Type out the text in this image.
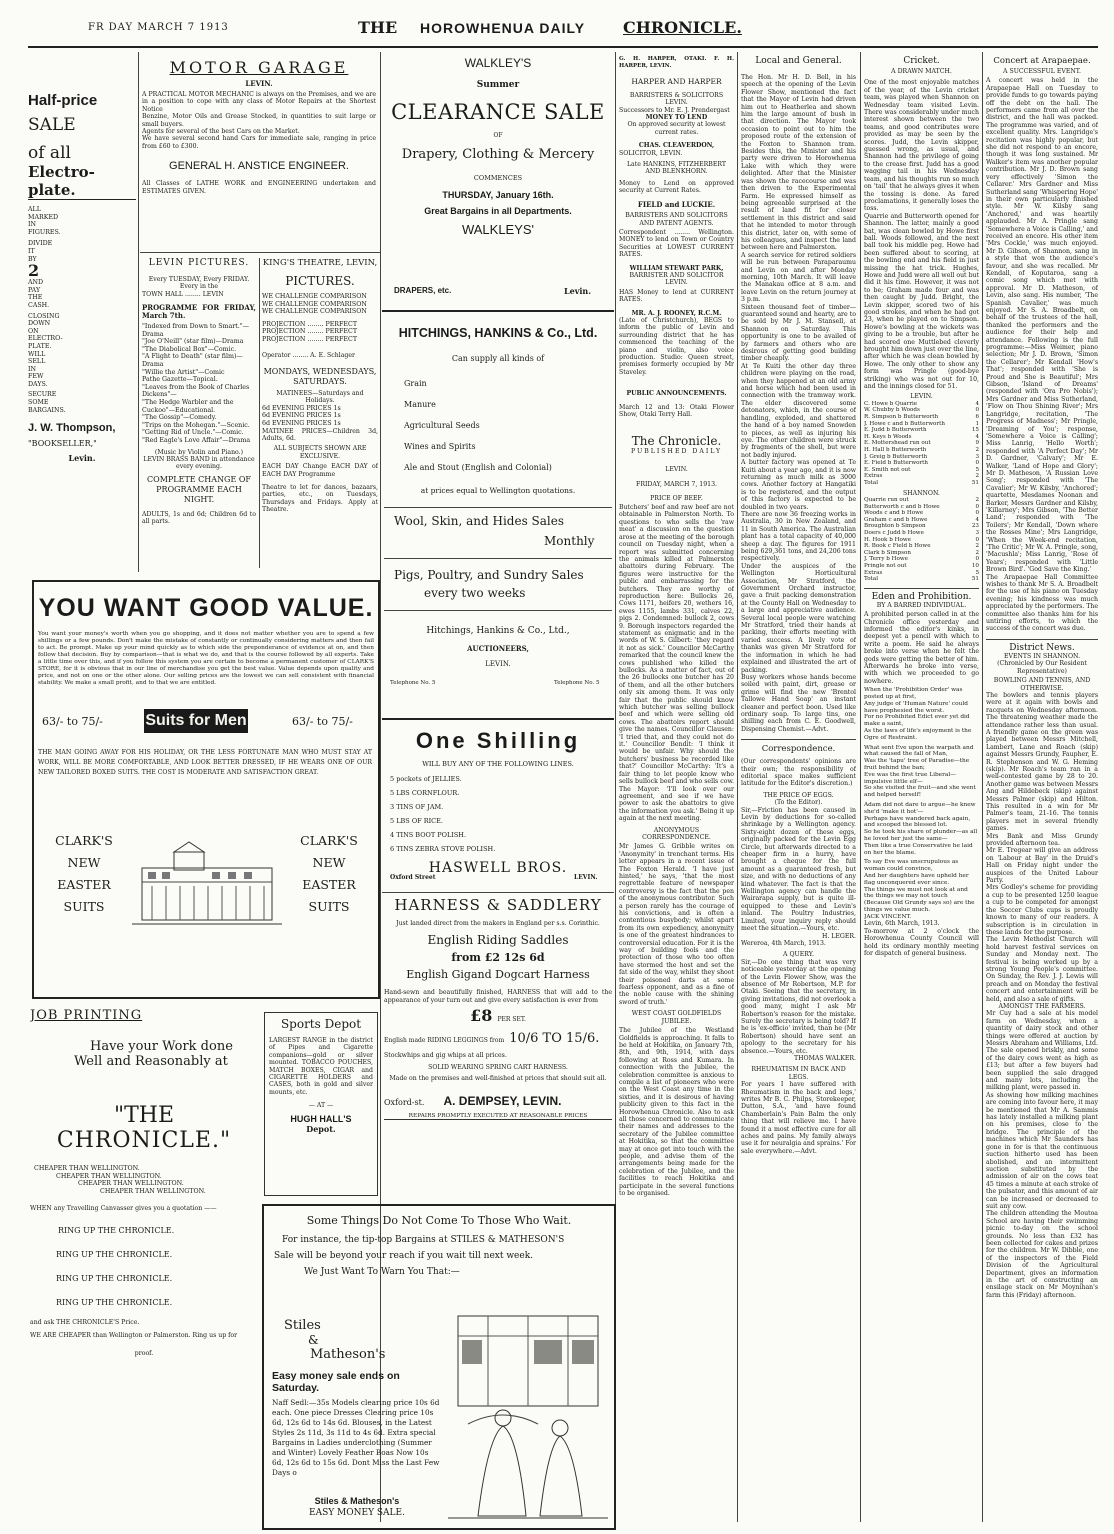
FR DAY MARCH 7 1913	THE HOROWHENUA DAILY CHRONICLE.
Half-price
SALE
of all
Electro-plate.
ALL
MARKED
IN
FIGURES.
DIVIDE
IT
BY
2
AND
PAY
THE
CASH.
CLOSING
DOWN
ON
ELECTRO-
PLATE.
WILL
SELL
IN
FEW
DAYS.
SECURE
SOME
BARGAINS.
J. W. Thompson,
"BOOKSELLER,"
Levin.
MOTOR GARAGE
LEVIN.
A PRACTICAL MOTOR MECHANIC is always on the Premises, and we are in a position to cope with any class of Motor Repairs at the Shortest Notice
Benzine, Motor Oils and Grease Stocked, in quantities to suit large or small buyers.
Agents for several of the best Cars on the Market.
We have several second hand Cars for immediate sale, ranging in price from £60 to £300.
GENERAL H. ANSTICE ENGINEER.
All Classes of LATHE WORK and ENGINEERING undertaken and ESTIMATES GIVEN.
LEVIN PICTURES.
Every TUESDAY, Every FRIDAY. Every in the
TOWN HALL ........ LEVIN
PROGRAMME FOR FRIDAY, March 7th.
"Indexed from Down to Smart."— Drama
"Joe O'Neill" (star film)—Drama
"The Diabolical Box"—Comic.
"A Flight to Death" (star film)— Drama
"Willie the Artist"—Comic
Pathe Gazette—Topical.
"Leaves from the Book of Charles Dickens"—
"The Hedge Warbler and the Cuckoo"—Educational.
"The Gossip"—Comedy.
"Trips on the Mohegan."—Scenic.
"Getting Rid of Uncle."—Comic.
"Red Eagle's Love Affair"—Drama
(Music by Violin and Piano.)
LEVIN BRASS BAND in attendance every evening.
COMPLETE CHANGE OF PROGRAMME EACH NIGHT.
ADULTS, 1s and 6d; Children 6d to all parts.
KING'S THEATRE, LEVIN,
PICTURES.
WE CHALLENGE COMPARISON
WE CHALLENGE COMPARISON
WE CHALLENGE COMPARISON
PROJECTION ........ PERFECT
PROJECTION ........ PERFECT
PROJECTION ........ PERFECT
Operator ........ A. E. Schlager
MONDAYS, WEDNESDAYS, SATURDAYS.
MATINEES—Saturdays and Holidays.
6d EVENING PRICES 1s
6d EVENING PRICES 1s
6d EVENING PRICES 1s
MATINEE PRICES—Children 3d, Adults, 6d.
ALL SUBJECTS SHOWN ARE EXCLUSIVE.
EACH DAY Change EACH DAY of EACH DAY Programme
Theatre to let for dances, bazaars, parties, etc., on Tuesdays, Thursdays and Fridays. Apply at Theatre.
YOU WANT GOOD VALUE.
You want your money's worth when you go shopping, and it does not matter whether you are to spend a few shillings or a few pounds. Don't make the mistake of constantly or continually considering matters and then fail to act. Be prompt. Make up your mind quickly as to which side the preponderance of evidence at on, and then follow that decision. Buy by comparison—that is what we do, and that is the course followed by all experts. Take a little time over this, and if you follow this system you are certain to become a permanent customer of CLARK'S STORE, for it is obvious that in our line of merchandise you get the best value. Value depends upon quality and price, and not on one or the other alone. Our selling prices are the lowest we can sell consistent with financial stability. We make a small profit, and to that we are entitled.
63/- to 75/-	Suits for Men	63/- to 75/-
THE MAN GOING AWAY FOR HIS HOLIDAY, OR THE LESS FORTUNATE MAN WHO MUST STAY AT WORK, WILL BE MORE COMFORTABLE, AND LOOK BETTER DRESSED, IF HE WEARS ONE OF OUR NEW TAILORED BOXED SUITS. THE COST IS MODERATE AND SATISFACTION GREAT.
CLARK'S
NEW
EASTER
SUITS
CLARK'S
NEW
EASTER
SUITS
JOB PRINTING
Have your Work done
Well and Reasonably at
"THE
CHRONICLE."
CHEAPER THAN WELLINGTON.
CHEAPER THAN WELLINGTON.
CHEAPER THAN WELLINGTON.
CHEAPER THAN WELLINGTON.
WHEN any Travelling Canvasser gives you a quotation ——
RING UP THE CHRONICLE.
RING UP THE CHRONICLE.
RING UP THE CHRONICLE.
RING UP THE CHRONICLE.
and ask THE CHRONICLE'S Price.
WE ARE CHEAPER than Wellington or Palmerston. Ring us up for
proof.
Sports Depot
LARGEST RANGE in the district of Pipes and Cigarette companions—gold or silver mounted. TOBACCO POUCHES, MATCH BOXES, CIGAR and CIGARETTE HOLDERS and CASES, both in gold and silver mounts, etc.
— AT —
HUGH HALL'S
Depot.
Some Things Do Not Come To Those Who Wait.
For instance, the tip-top Bargains at STILES & MATHESON'S
Sale will be beyond your reach if you wait till next week.
We Just Want To Warn You That:—
Stiles
&
Matheson's
Easy money sale ends on Saturday.
Naff Sedl:—35s Models clearing price 10s 6d each. One piece Dresses Clearing price 10s 6d, 12s 6d to 14s 6d. Blouses, in the Latest Styles 2s 11d, 3s 11d to 4s 6d. Extra special Bargains in Ladies underclothing (Summer and Winter) Lovely Feather Boas Now 10s 6d, 12s 6d to 15s 6d. Dont Miss the Last Few Days o
Stiles & Matheson's
EASY MONEY SALE.
WALKLEY'S
Summer
CLEARANCE SALE
OF
Drapery, Clothing & Mercery
COMMENCES
THURSDAY, January 16th.
Great Bargains in all Departments.
WALKLEYS'
DRAPERS, etc.	Levin.
HITCHINGS, HANKINS & Co., Ltd.
Can supply all kinds of
Grain
Manure
Agricultural Seeds
Wines and Spirits
Ale and Stout (English and Colonial)
at prices equal to Wellington quotations.
Wool, Skin, and Hides Sales
Monthly
Pigs, Poultry, and Sundry Sales
every two weeks
Hitchings, Hankins & Co., Ltd.,
AUCTIONEERS,
LEVIN.
Telephone No. 5	Telephone No. 5
One Shilling
WILL BUY ANY OF THE FOLLOWING LINES.
5 pockets of JELLIES.
5 LBS CORNFLOUR.
3 TINS OF JAM.
5 LBS OF RICE.
4 TINS BOOT POLISH.
6 TINS ZEBRA STOVE POLISH.
HASWELL BROS.
Oxford Street	LEVIN.
HARNESS & SADDLERY
Just landed direct from the makers in England per s.s. Corinthic.
English Riding Saddles
from £2 12s 6d
English Gigand Dogcart Harness
Hand-sewn and beautifully finished, HARNESS that will add to the appearance of your turn out and give every satisfaction is ever from
£8 PER SET.
English made RIDING LEGGINGS from 10/6 TO 15/6.
Stockwhips and gig whips at all prices.
SOLID WEARING SPRING CART HARNESS.
Made on the premises and well-finished at prices that should suit all.
Oxford-st. A. DEMPSEY, LEVIN.
REPAIRS PROMPTLY EXECUTED AT REASONABLE PRICES
G. H. HARPER, OTAKI. F. H. HARPER, LEVIN.
HARPER AND HARPER
BARRISTERS & SOLICITORS
LEVIN.
Successors to Mr. E. J. Prendergast
MONEY TO LEND
On approved security at lowest current rates.
CHAS. CLEAVERDON,
SOLICITOR, LEVIN.
Late HANKINS, FITZHERBERT AND BLENKHORN.
Money to Lend on approved security at Current Rates.
FIELD and LUCKIE.
BARRISTERS AND SOLICITORS AND PATENT AGENTS.
Correspondent ........ Wellington. MONEY to lend on Town or Country Securities at LOWEST CURRENT RATES.
WILLIAM STEWART PARK,
BARRISTER AND SOLICITOR LEVIN.
HAS Money to lend at CURRENT RATES.
MR. A. J. ROONEY, R.C.M.
(Late of Christchurch), BEGS to inform the public of Levin and surrounding district that he has commenced the teaching of the piano and violin, also voice production. Studio: Queen street, premises formerly occupied by Mr Staveley.
PUBLIC ANNOUNCEMENTS.
March 12 and 13: Otaki Flower Show, Otaki Terry Hall.
The Chronicle.
PUBLISHED DAILY
LEVIN.
FRIDAY, MARCH 7, 1913.
PRICE OF BEEF.
Butchers' beef and raw beef are not obtainable in Palmerston North. To questions to who sells the 'raw meat' a discussion on the question arose at the meeting of the borough council on Tuesday night, when a report was submitted concerning the animals killed at Palmerston abattoirs during February. The figures were instructive for the public and embarrassing for the butchers. They are worthy of reproduction here: Bullocks 26, Cows 1171, heifers 20, wethers 16, ewes 1155, lambs 331, calves 22, pigs 2. Condemned: bullock 2, cows 9. Borough inspectors regarded the statement as enigmatic and in the words of W. S. Gilbert: 'they regard it not as sick.' Councillor McCarthy remarked that the council knew the cows published who killed the bullocks. As a matter of fact, out of the 26 bullocks one butcher has 20 of them, and all the other butchers only six among them. It was only fair that the public should know which butcher was selling bullock beef and which were selling old cows. The abattoirs report should give the names. Councillor Clausen: 'I tried that, and they could not do it.' Councillor Bendit: 'I think it would be unfair. Why should the butchers' business be recorded like that?' Councillor McCarthy: 'It's a fair thing to let people know who sells bullock beef and who sells cow. The Mayor: 'I'll look over our agreement, and see if we have power to ask the abattoirs to give the information you ask.' Being it up again at the next meeting.
ANONYMOUS CORRESPONDENCE.
Mr James G. Gribble writes on 'Anonymity' in trenchant terms. His letter appears in a recent issue of The Foxton Herald. 'I have just hinted,' he says, 'that the most regrettable feature of newspaper controversy is the fact that the pen of the anonymous contributor. Such a person rarely has the courage of his convictions, and is often a contentious busybody; whilst apart from its own expediency, anonymity is one of the greatest hindrances to controversial education. For it is the way of building fools and the protection of those who too often have stormed the host and set the fat side of the way, whilst they shoot their poisoned darts at some fearless opponent, and as a fine of the noble cause with the shining sword of truth.'
WEST COAST GOLDFIELDS JUBILEE.
The Jubilee of the Westland Goldfields is approaching. It falls to be held at Hokitika, on January 7th, 8th, and 9th, 1914, with days following at Ross and Kumara. In connection with the Jubilee, the celebration committee is anxious to compile a list of pioneers who were on the West Coast any time in the sixties, and it is desirous of having publicity given to this fact in the Horowhenua Chronicle. Also to ask all those concerned to communicate their names and addresses to the secretary of the Jubilee committee at Hokitika, so that the committee may at once get into touch with the people, and advise them of the arrangements being made for the celebration of the Jubilee, and the facilities to reach Hokitika and participate in the several functions to be organised.
Local and General.
The Hon. Mr H. D. Bell, in his speech at the opening of the Levin Flower Show, mentioned the fact that the Mayor of Levin had driven him out to Heatherlea and shown him the large amount of bush in that direction. The Mayor took occasion to point out to him the proposed route of the extension of the Foxton to Shannon tram. Besides this, the Minister and his party were driven to Horowhenua Lake with which they were delighted. After that the Minister was shown the racecourse and was then driven to the Experimental Farm. He expressed himself as being agreeable surprised at the result of land fit for closer settlement in this district and said that he intended to motor through this district, later on, with some of his colleagues, and inspect the land between here and Palmerston.
A search service for retired soldiers will be run between Paraparaumu and Levin on and after Monday morning, 10th March. It will leave the Manakau office at 8 a.m. and leave Levin on the return journey at 3 p.m.
Sixteen thousand feet of timber—guaranteed sound and hearty, are to be sold by Mr J. M. Stansell, at Shannon on Saturday. This opportunity is one to be availed of by farmers and others who are desirous of getting good building timber cheaply.
At Te Kuiti the other day three children were playing on the road, when they happened at an old army and horse which had been used in connection with the tramway work. The elder discovered some detonators, which, in the course of handling, exploded, and shattered the hand of a boy named Snowden to pieces, as well as injuring his eye. The other children were struck by fragments of the shell, but were not badly injured.
A butter factory was opened at Te Kuiti about a year ago, and it is now returning as much milk as 3000 cows. Another factory at Hangatiki is to be registered, and the output of this factory is expected to be doubled in two years.
There are now 36 freezing works in Australia, 30 in New Zealand, and 11 in South America. The Australian plant has a total capacity of 40,000 sheep a day. The figures for 1911 being 629,361 tons, and 24,206 tons respectively.
Under the auspices of the Wellington Horticultural Association, Mr Stratford, the Government Orchard instructor, gave a fruit packing demonstration at the County Hall on Wednesday to a large and appreciative audience. Several local people were watching Mr Stratford, tried their hands at packing, their efforts meeting with varied success. A lively vote of thanks was given Mr Stratford for the information in which he had explained and illustrated the art of packing.
Busy workers whose hands become soiled with paint, dirt, grease or grime will find the new 'Brentol Tallowe Hand Soap' an instant cleaner and perfect boon. Used like ordinary soap. To large tins, one shilling each from C. E. Goodwell, Dispensing Chemist.—Advt.
Correspondence.
(Our correspondents' opinions are their own; the responsibility of editorial space makes sufficient latitude for the Editor's discretion.)
THE PRICE OF EGGS.
(To the Editor).
Sir,—Friction has been caused in Levin by deductions for so-called shrinkage by a Wellington agency. Sixty-eight dozen of these eggs, originally packed for the Levin Egg Circle, but afterwards directed to a cheaper firm in a hurry, have brought a cheque for the full amount as a guaranteed fresh, but size, and with no deductions of any kind whatever. The fact is that the Wellington agency can handle the Wairarapa supply, but is quite ill-equipped to these and Levin's inland. The Poultry Industries, Limited, your inquiry reply should meet the situation.—Yours, etc.
H. LEGER.
Wereroa, 4th March, 1913.
A QUERY.
Sir,—Do one thing that was very noticeable yesterday at the opening of the Levin Flower Show, was the absence of Mr Robertson, M.P. for Otaki. Seeing that the secretary, in giving invitations, did not overlook a good many, might I ask Mr Robertson's reason for the mistake. Surely the secretary is being told? If he is 'ex-officio' invited, than he (Mr Robertson) should have sent an apology to the secretary for his absence.—Yours, etc.
THOMAS WALKER.
RHEUMATISM IN BACK AND LEGS.
For years I have suffered with Rheumatism in the back and legs,' writes Mr B. C. Philps, Storekeeper, Dutton, S.A., 'and have found Chamberlain's Pain Balm the only thing that will relieve me. I have found it a most effective cure for all aches and pains. My family always use it for neuralgia and sprains.' For sale everywhere.—Advt.
Cricket.
A DRAWN MATCH.
One of the most enjoyable matches of the year, of the Levin cricket team, was played when Shannon on Wednesday team visited Levin. There was considerably under much interest shown between the two teams, and good contributes were provided as may be seen by the scores. Judd, the Levin skipper, guessed wrong, as usual, and Shannon had the privilege of going to the crease first. Judd has a good wagging tail in his Wednesday team, and his thoughts run so much on 'tail' that he always gives it when the tossing is done. As fared proclamations, it generally loses the toss.
Quarrie and Butterworth opened for Shannon. The latter, mainly a good bat, was clean bowled by Howe first ball. Woods followed, and the next ball took his middle peg. Howe had been suffered about to scoring, at the bowling end and his field in just missing the hat trick. Hughes, Howe and Judd were all well out but did it his time. However, it was not to be; Graham made four and was then caught by Judd. Bright, the Levin skipper, scored two of his good strokes, and when he had got 23, when he played on to Simpson. Howe's bowling at the wickets was giving to be a trouble, but after he had scored one Muttlebed cleverly brought him down just over the line, after which he was clean bowled by Howe. The only other to show any form was Pringle (good-bye striking) who was not out for 10, and the innings closed for 51.
LEVIN.
C. Howe b Quarrie	4
W. Chubby b Woods	0
R. Simpson b Butterworth	6
J. Howe c and b Butterworth	1
E. Judd b Butterworth	15
H. Keys b Woods	4
E. Mottershead run out	9
H. Hall b Butterworth	2
J. Greig b Butterworth	3
E. Field b Butterworth	0
E. Smith not out	5
Extras	2
Total	51
SHANNON.
Quarrie run out	2
Butterworth c and b Howe	0
Woods c and b Howe	0
Graham c and b Howe	4
Broughton b Simpson	23
Doers c Judd b Howe	3
H. Hook b Howe	0
R. Book c Field b Howe	2
Clark b Simpson	2
J. Terry b Howe	0
Pringle not out	10
Extras	5
Total	51
Eden and Prohibition.
BY A BARRED INDIVIDUAL.
A prohibited person called in at the Chronicle office yesterday and informed the editor's kinks, in deepest yet a pencil with which to write a poem. He said he always broke into verse when he felt the gods were getting the better of him. Afterwards he broke into verse, with which we proceeded to go nowhere.
When the 'Prohibition Order' was posted up at first,
Any judge of 'Human Nature' could have prophesied the worst.
For no Prohibited Edict ever yet did make a saint,
As the laws of life's enjoyment is the Ogre of Restraint.
What sent Eve upon the warpath and what caused the fall of Man,
Was the 'tapu' tree of Paradise—the fruit behind the ban;
Eve was the first true Liberal—impulsive little elf—
So she visited the fruit—and she went and helped herself!
Adam did not dare to argue—he knew she'd 'make it hot'—
Perhaps have wandered back again, and scooped the blessed lot.
So he took his share of plunder—as all he loved her just the same—
Then like a true Conservative he laid on her the blame.
To say Eve was unscrupulous as woman could convince,
And her daughters have upheld her flag unconquered ever since.
The things we must not look at and the things we may not touch
(Because Old Grundy says so) are the things we value much.
JACK VINCENT.
Levin, 6th March, 1913.
To-morrow at 2 o'clock the Horowhenua County Council will hold its ordinary monthly meeting for dispatch of general business.
Concert at Arapaepae.
A SUCCESSFUL EVENT.
A concert was held in the Arapaepae Hall on Tuesday to provide funds to go towards paying off the debt on the hall. The performers came from all over the district, and the hall was packed. The programme was varied, and of excellent quality. Mrs. Langridge's recitation was highly popular, but she did not respond to an encore, though it was long sustained. Mr Walker's item was another popular contribution. Mr J. D. Brown sang very effectively 'Simon the Cellarer.' Mrs Gardner and Miss Sutherland sang 'Whispering Hope' in their own particularly finished style. Mr W. Kilsby sang 'Anchored,' and was heartily applauded. Mr A. Pringle sang 'Somewhere a Voice is Calling,' and received an encore. His other item 'Mrs Cockle,' was much enjoyed. Mr D. Gibson, of Shannon, sang in a style that won the audience's favour, and she was recalled. Mr Kendall, of Koputaroa, sang a comic song which met with approval. Mr D. Matheson, of Levin, also sang. His number, 'The Spanish Cavalier,' was much enjoyed. Mr S. A. Broadbelt, on behalf of the trustees of the hall, thanked the performers and the audience for their help and attendance. Following is the full programme:—Miss Weimer, piano selection; Mr J. D. Brown, 'Simon the Cellarer'; Mr Kendall 'How's That'; responded with 'She is Proud and She is Beautiful'; Mrs Gibson, 'Island of Dreams' (responded with 'Ora Pro Nobis'); Mrs Gardner and Miss Sutherland, 'Flow on Thou Shining River'; Mrs Langridge, recitation, 'The Progress of Madness'; Mr Pringle, 'Dreaming of You'; response, 'Somewhere a Voice is Calling'; Miss Lanrig, 'Hello Worth'; responded with 'A Perfect Day'; Mr D. Gardner, 'Calvary'; Mr E. Walker, 'Land of Hope and Glory'; Mr D. Matheson, 'A Russian Love Song'; responded with 'The Cavalier'; Mr W. Kilsby, 'Anchored'; quartette, Mesdames Noonan and Barker, Messrs Gardner and Kilsby, 'Killarney'; Mrs Gibson, 'The Better Land'; responded with 'The Toilers'; Mr Kendall, 'Down where the Rosses Mine'; Mrs Langridge, 'When the Week-end recitation, 'The Critic'; Mr W. A. Pringle, song, 'Macushla'; Miss Lanrig, 'Rose of Years'; responded with 'Little Brown Bird'. 'God Save the King.'
The Arapaepae Hall Committee wishes to thank Mr S. A. Broadbelt for the use of his piano on Tuesday evening; his kindness was much appreciated by the performers. The committee also thanks him for his untiring efforts, to which the success of the concert was due.
District News.
EVENTS IN SHANNON.
(Chronicled by Our Resident Representative)
BOWLING AND TENNIS, AND OTHERWISE.
The bowlers and tennis players were at it again with bowls and racquets on Wednesday afternoon. The threatening weather made the attendance rather less than usual. A friendly game on the green was played between Messrs Mitchell, Lambert, Lane and Roach (skip) against Messrs Grundy, Faupher, E. R. Stephenson and W. G. Heming (skip). Mr Roach's team ran in a well-contested game by 28 to 20. Another game was between Messrs Ang and Hildebeck (skip) against Messrs Palmer (skip) and Hilton. This resulted in a win for Mr Palmer's team, 21-16. The tennis players met in several friendly games.
Mrs Bank and Miss Grundy provided afternoon tea.
Mr E. Tregear will give an address on 'Labour at Bay' in the Druid's Hall on Friday night under the auspices of the United Labour Party.
Mrs Godley's scheme for providing a cup to be presented 1250 league a cup to be competed for amongst the Soccer Clubs cups is proudly known to many of our readers. A subscription is in circulation in these lands for the purpose.
The Levin Methodist Church will hold harvest festival services on Sunday and Monday next. The festival is being worked up by a strong Young People's committee. On Sunday, the Rev. J. J. Lewis will preach and on Monday the festival concert and entertainment will be held, and also a sale of gifts.
AMONGST THE FARMERS.
Mr Cuy had a sale at his model farm on Wednesday, when a quantity of dairy stock and other things were offered at auction by Messrs Abraham and Williams, Ltd. The sale opened briskly, and some of the dairy cows went as high as £13; but after a few buyers had been supplied the sale dragged and many lots, including the milking plant, were passed in.
As showing how milking machines are coming into favour here, it may be mentioned that Mr A. Sammis has lately installed a milking plant on his premises, close to the bridge. The principle of the machines which Mr Saunders has gone in for is that the continuous suction hitherto used has been abolished, and an intermittent suction substituted by the admission of air on the cows teat 45 times a minute at each stroke of the pulsator, and this amount of air can be increased or decreased to suit any cow.
The children attending the Moutoa School are having their swimming picnic to-day on the school grounds. No less than £32 has been collected for cakes and prizes for the children. Mr W. Dibble, one of the inspectors of the Field Division of the Agricultural Department, gives an information in the art of constructing an ensilage stack on Mr Moynihan's farm this (Friday) afternoon.
